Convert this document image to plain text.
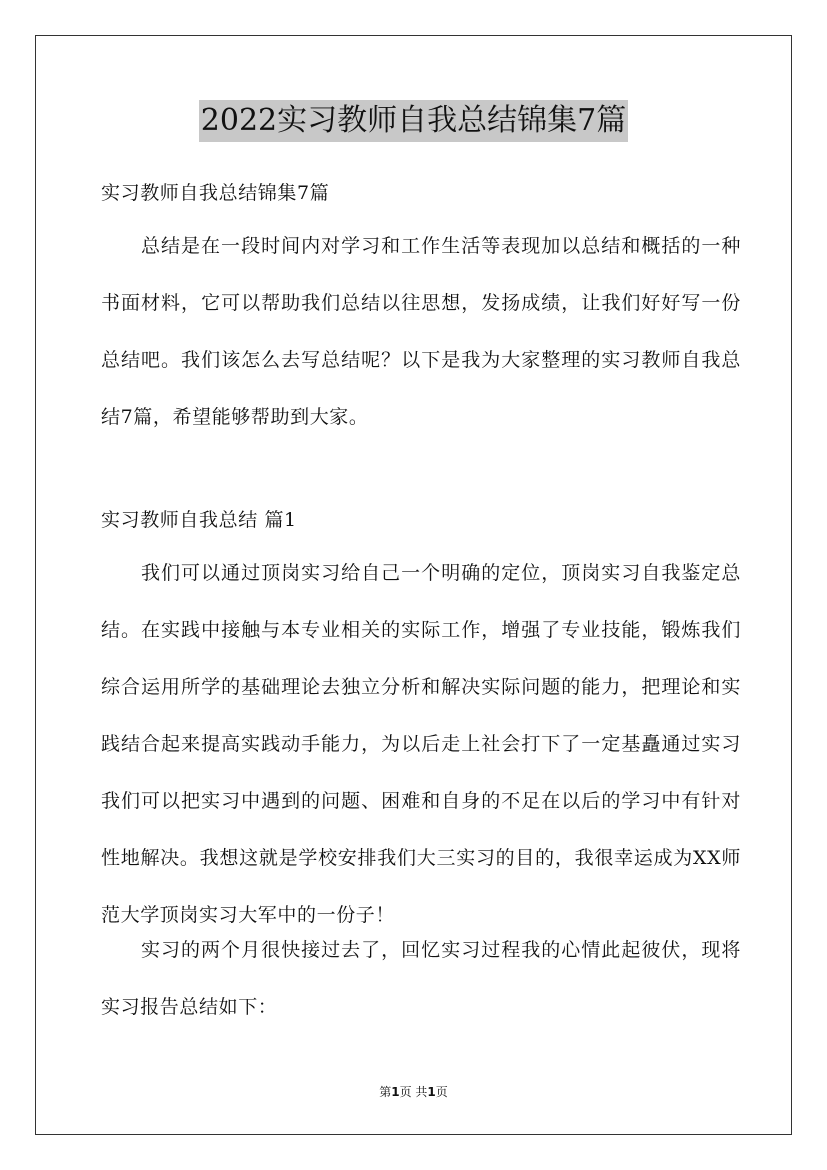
2022实习教师自我总结锦集7篇

实习教师自我总结锦集7篇

总结是在一段时间内对学习和工作生活等表现加以总结和概括的一种书面材料，它可以帮助我们总结以往思想，发扬成绩，让我们好好写一份总结吧。我们该怎么去写总结呢？以下是我为大家整理的实习教师自我总结7篇，希望能够帮助到大家。

实习教师自我总结 篇1

我们可以通过顶岗实习给自己一个明确的定位，顶岗实习自我鉴定总结。在实践中接触与本专业相关的实际工作，增强了专业技能，锻炼我们综合运用所学的基础理论去独立分析和解决实际问题的能力，把理论和实践结合起来提高实践动手能力，为以后走上社会打下了一定基矗通过实习我们可以把实习中遇到的问题、困难和自身的不足在以后的学习中有针对性地解决。我想这就是学校安排我们大三实习的目的，我很幸运成为XX师范大学顶岗实习大军中的一份子！

实习的两个月很快接过去了，回忆实习过程我的心情此起彼伏，现将实习报告总结如下：

第1页 共1页
